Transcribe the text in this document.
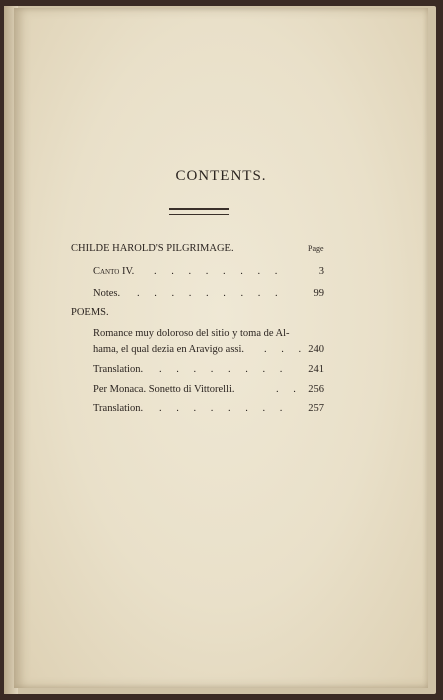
CONTENTS.
Page
CHILDE HAROLD'S PILGRIMAGE.
Canto IV. . . . . . . . .	3
Notes. . . . . . . . . .	99
POEMS.
Romance muy doloroso del sitio y toma de Al-
hama, el qual dezia en Aravigo assi. . . . 240
Translation. . . . . . . . .	241
Per Monaca. Sonetto di Vittorelli.	. . 256
Translation. . . . . . . . .	257
